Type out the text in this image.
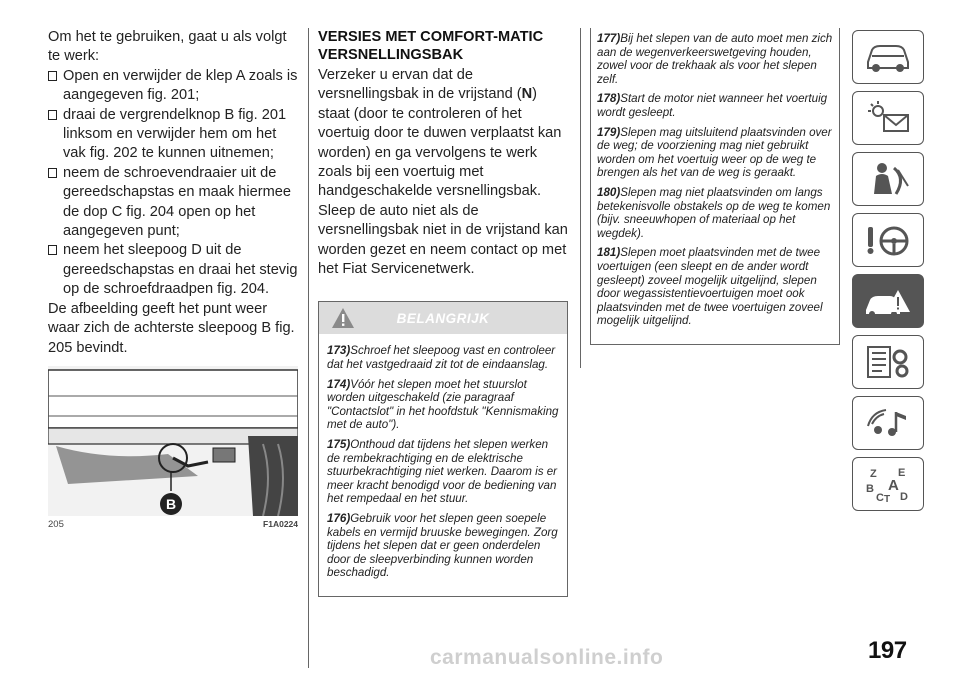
Om het te gebruiken, gaat u als volgt te werk:
Open en verwijder de klep A zoals is aangegeven fig. 201;
draai de vergrendelknop B fig. 201 linksom en verwijder hem om het vak fig. 202 te kunnen uitnemen;
neem de schroevendraaier uit de gereedschapstas en maak hiermee de dop C fig. 204 open op het aangegeven punt;
neem het sleepoog D uit de gereedschapstas en draai het stevig op de schroefdraadpen fig. 204.
De afbeelding geeft het punt weer waar zich de achterste sleepoog B fig. 205 bevindt.
B
205	F1A0224
VERSIES MET COMFORT-MATIC VERSNELLINGSBAK
Verzeker u ervan dat de versnellingsbak in de vrijstand (N) staat (door te controleren of het voertuig door te duwen verplaatst kan worden) en ga vervolgens te werk zoals bij een voertuig met handgeschakelde versnellingsbak.
Sleep de auto niet als de versnellingsbak niet in de vrijstand kan worden gezet en neem contact op met het Fiat Servicenetwerk.
BELANGRIJK
173)Schroef het sleepoog vast en controleer dat het vastgedraaid zit tot de eindaanslag.
174)Vóór het slepen moet het stuurslot worden uitgeschakeld (zie paragraaf "Contactslot" in het hoofdstuk "Kennismaking met de auto").
175)Onthoud dat tijdens het slepen werken de rembekrachtiging en de elektrische stuurbekrachtiging niet werken. Daarom is er meer kracht benodigd voor de bediening van het rempedaal en het stuur.
176)Gebruik voor het slepen geen soepele kabels en vermijd bruuske bewegingen. Zorg tijdens het slepen dat er geen onderdelen door de sleepverbinding kunnen worden beschadigd.
177)Bij het slepen van de auto moet men zich aan de wegenverkeerswetgeving houden, zowel voor de trekhaak als voor het slepen zelf.
178)Start de motor niet wanneer het voertuig wordt gesleept.
179)Slepen mag uitsluitend plaatsvinden over de weg; de voorziening mag niet gebruikt worden om het voertuig weer op de weg te brengen als het van de weg is geraakt.
180)Slepen mag niet plaatsvinden om langs betekenisvolle obstakels op de weg te komen (bijv. sneeuwhopen of materiaal op het wegdek).
181)Slepen moet plaatsvinden met de twee voertuigen (een sleept en de ander wordt gesleept) zoveel mogelijk uitgelijnd, slepen door wegassistentievoertuigen moet ook plaatsvinden met de twee voertuigen zoveel mogelijk uitgelijnd.
Z E
A
B
C T D
197
carmanualsonline.info
